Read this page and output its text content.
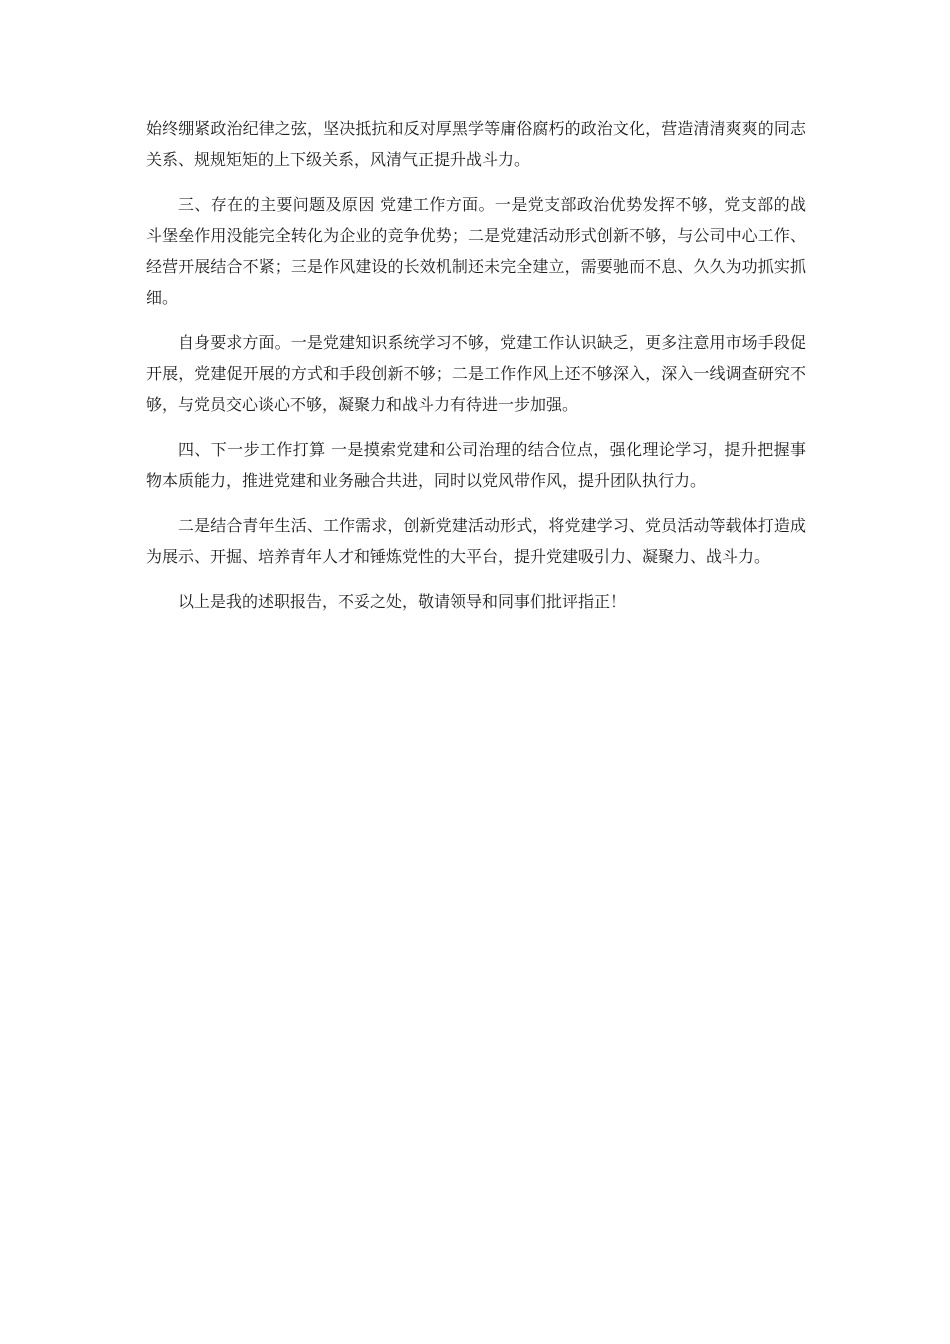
始终绷紧政治纪律之弦，坚决抵抗和反对厚黑学等庸俗腐朽的政治文化，营造清清爽爽的同志关系、规规矩矩的上下级关系，风清气正提升战斗力。

三、存在的主要问题及原因 党建工作方面。一是党支部政治优势发挥不够，党支部的战斗堡垒作用没能完全转化为企业的竞争优势；二是党建活动形式创新不够，与公司中心工作、经营开展结合不紧；三是作风建设的长效机制还未完全建立，需要驰而不息、久久为功抓实抓细。

自身要求方面。一是党建知识系统学习不够，党建工作认识缺乏，更多注意用市场手段促开展，党建促开展的方式和手段创新不够；二是工作作风上还不够深入，深入一线调查研究不够，与党员交心谈心不够，凝聚力和战斗力有待进一步加强。

四、下一步工作打算 一是摸索党建和公司治理的结合位点，强化理论学习，提升把握事物本质能力，推进党建和业务融合共进，同时以党风带作风，提升团队执行力。

二是结合青年生活、工作需求，创新党建活动形式，将党建学习、党员活动等载体打造成为展示、开掘、培养青年人才和锤炼党性的大平台，提升党建吸引力、凝聚力、战斗力。

以上是我的述职报告，不妥之处，敬请领导和同事们批评指正！
